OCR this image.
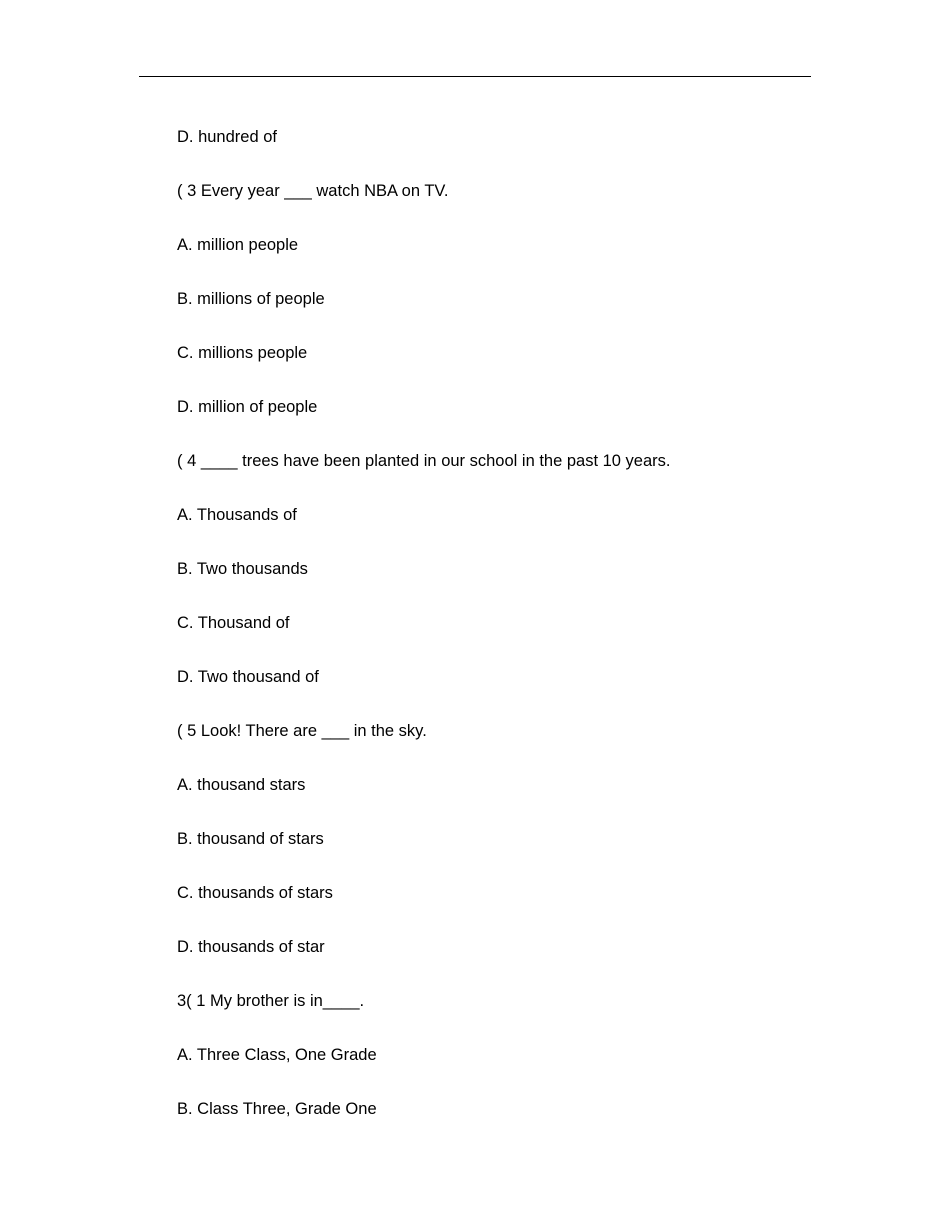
D. hundred of
( 3 Every year ___ watch NBA on TV.
A. million people
B. millions of people
C. millions people
D. million of people
( 4 ____ trees have been planted in our school in the past 10 years.
A. Thousands of
B. Two thousands
C. Thousand of
D. Two thousand of
( 5 Look! There are ___ in the sky.
A. thousand stars
B. thousand of stars
C. thousands of stars
D. thousands of star
3( 1 My brother is in____.
A. Three Class, One Grade
B. Class Three, Grade One
